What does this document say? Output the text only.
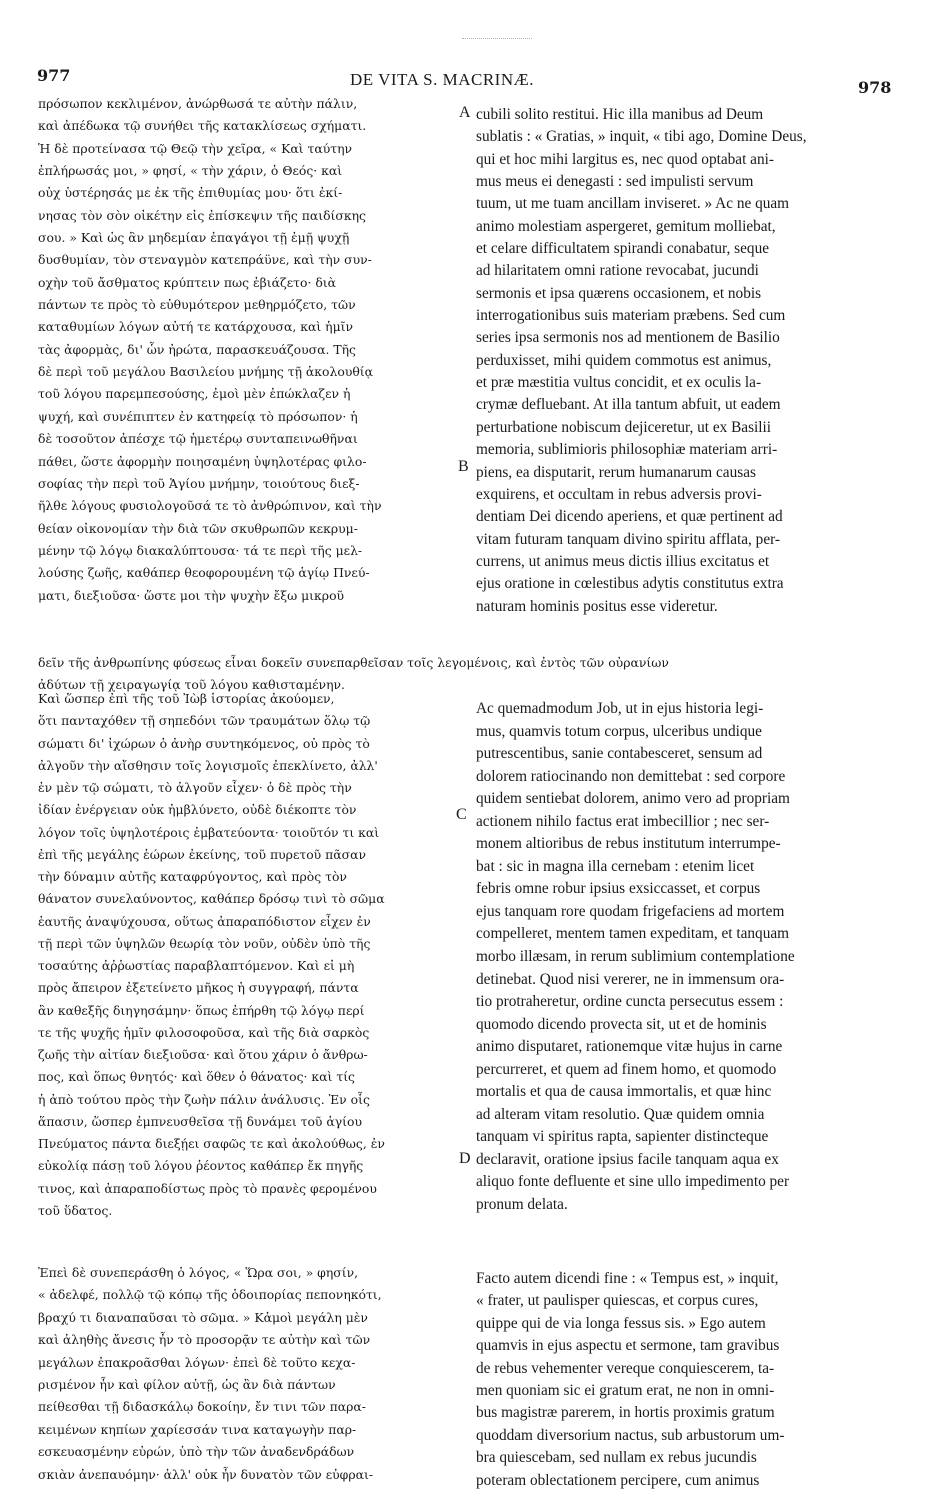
977	DE VITA S. MACRINÆ.	978
A
B
C
D
πρόσωπον κεκλιμένον, ἀνώρθωσά τε αὐτὴν πάλιν,
καὶ ἀπέδωκα τῷ συνήθει τῆς κατακλίσεως σχήματι.
Ἡ δὲ προτείνασα τῷ Θεῷ τὴν χεῖρα, « Καὶ ταύτην
ἐπλήρωσάς μοι, » φησί, « τὴν χάριν, ὁ Θεός· καὶ
οὐχ ὑστέρησάς με ἐκ τῆς ἐπιθυμίας μου· ὅτι ἐκί-
νησας τὸν σὸν οἰκέτην εἰς ἐπίσκεψιν τῆς παιδίσκης
σου. » Καὶ ὡς ἂν μηδεμίαν ἐπαγάγοι τῇ ἐμῇ ψυχῇ
δυσθυμίαν, τὸν στεναγμὸν κατεπράϋνε, καὶ τὴν συν-
οχὴν τοῦ ἄσθματος κρύπτειν πως ἐβιάζετο· διὰ
πάντων τε πρὸς τὸ εὐθυμότερον μεθηρμόζετο, τῶν
καταθυμίων λόγων αὐτή τε κατάρχουσα, καὶ ἡμῖν
τὰς ἀφορμὰς, δι' ὧν ἠρώτα, παρασκευάζουσα. Τῆς
δὲ περὶ τοῦ μεγάλου Βασιλείου μνήμης τῇ ἀκολουθίᾳ
τοῦ λόγου παρεμπεσούσης, ἐμοὶ μὲν ἐπώκλαζεν ἡ
ψυχή, καὶ συνέπιπτεν ἐν κατηφείᾳ τὸ πρόσωπον· ἡ
δὲ τοσοῦτον ἀπέσχε τῷ ἡμετέρῳ συνταπεινωθῆναι
πάθει, ὥστε ἀφορμὴν ποιησαμένη ὑψηλοτέρας φιλο-
σοφίας τὴν περὶ τοῦ Ἁγίου μνήμην, τοιούτους διεξ-
ῆλθε λόγους φυσιολογοῦσά τε τὸ ἀνθρώπινον, καὶ τὴν
θείαν οἰκονομίαν τὴν διὰ τῶν σκυθρωπῶν κεκρυμ-
μένην τῷ λόγῳ διακαλύπτουσα· τά τε περὶ τῆς μελ-
λούσης ζωῆς, καθάπερ θεοφορουμένη τῷ ἁγίῳ Πνεύ-
ματι, διεξιοῦσα· ὥστε μοι τὴν ψυχὴν ἔξω μικροῦ
δεῖν τῆς ἀνθρωπίνης φύσεως εἶναι δοκεῖν συνεπαρθεῖσαν τοῖς λεγομένοις, καὶ ἐντὸς τῶν οὐρανίων
ἀδύτων τῇ χειραγωγίᾳ τοῦ λόγου καθισταμένην.
Καὶ ὥσπερ ἐπὶ τῆς τοῦ Ἰὼβ ἱστορίας ἀκούομεν,
ὅτι πανταχόθεν τῇ σηπεδόνι τῶν τραυμάτων ὅλῳ τῷ
σώματι δι' ἰχώρων ὁ ἀνὴρ συντηκόμενος, οὐ πρὸς τὸ
ἀλγοῦν τὴν αἴσθησιν τοῖς λογισμοῖς ἐπεκλίνετο, ἀλλ'
ἐν μὲν τῷ σώματι, τὸ ἀλγοῦν εἶχεν· ὁ δὲ πρὸς τὴν
ἰδίαν ἐνέργειαν οὐκ ἠμβλύνετο, οὐδὲ διέκοπτε τὸν
λόγον τοῖς ὑψηλοτέροις ἐμβατεύοντα· τοιοῦτόν τι καὶ
ἐπὶ τῆς μεγάλης ἑώρων ἐκείνης, τοῦ πυρετοῦ πᾶσαν
τὴν δύναμιν αὐτῆς καταφρύγοντος, καὶ πρὸς τὸν
θάνατον συνελαύνοντος, καθάπερ δρόσῳ τινὶ τὸ σῶμα
ἑαυτῆς ἀναψύχουσα, οὕτως ἀπαραπόδιστον εἶχεν ἐν
τῇ περὶ τῶν ὑψηλῶν θεωρίᾳ τὸν νοῦν, οὐδὲν ὑπὸ τῆς
τοσαύτης ἀῤῥωστίας παραβλαπτόμενον. Καὶ εἰ μὴ
πρὸς ἄπειρον ἐξετείνετο μῆκος ἡ συγγραφή, πάντα
ἂν καθεξῆς διηγησάμην· ὅπως ἐπήρθη τῷ λόγῳ περί
τε τῆς ψυχῆς ἡμῖν φιλοσοφοῦσα, καὶ τῆς διὰ σαρκὸς
ζωῆς τὴν αἰτίαν διεξιοῦσα· καὶ ὅτου χάριν ὁ ἄνθρω-
πος, καὶ ὅπως θνητός· καὶ ὅθεν ὁ θάνατος· καὶ τίς
ἡ ἀπὸ τούτου πρὸς τὴν ζωὴν πάλιν ἀνάλυσις. Ἐν οἷς
ἅπασιν, ὥσπερ ἐμπνευσθεῖσα τῇ δυνάμει τοῦ ἁγίου
Πνεύματος πάντα διεξῄει σαφῶς τε καὶ ἀκολούθως, ἐν
εὐκολίᾳ πάσῃ τοῦ λόγου ῥέοντος καθάπερ ἔκ πηγῆς
τινος, καὶ ἀπαραποδίστως πρὸς τὸ πρανὲς φερομένου
τοῦ ὕδατος.
Ἐπεὶ δὲ συνεπεράσθη ὁ λόγος, « Ὥρα σοι, » φησίν,
« ἀδελφέ, πολλῷ τῷ κόπῳ τῆς ὁδοιπορίας πεπονηκότι,
βραχύ τι διαναπαῦσαι τὸ σῶμα. » Κἀμοὶ μεγάλη μὲν
καὶ ἀληθὴς ἄνεσις ἦν τὸ προσορᾷν τε αὐτὴν καὶ τῶν
μεγάλων ἐπακροᾶσθαι λόγων· ἐπεὶ δὲ τοῦτο κεχα-
ρισμένον ἦν καὶ φίλον αὐτῇ, ὡς ἂν διὰ πάντων
πείθεσθαι τῇ διδασκάλῳ δοκοίην, ἔν τινι τῶν παρα-
κειμένων κηπίων χαρίεσσάν τινα καταγωγὴν παρ-
εσκευασμένην εὑρών, ὑπὸ τὴν τῶν ἀναδενδράδων
σκιὰν ἀνεπαυόμην· ἀλλ' οὐκ ἦν δυνατὸν τῶν εὐφραι-
cubili solito restitui. Hic illa manibus ad Deum
sublatis : « Gratias, » inquit, « tibi ago, Domine Deus,
qui et hoc mihi largitus es, nec quod optabat ani-
mus meus ei denegasti : sed impulisti servum
tuum, ut me tuam ancillam inviseret. » Ac ne quam
animo molestiam aspergeret, gemitum molliebat,
et celare difficultatem spirandi conabatur, seque
ad hilaritatem omni ratione revocabat, jucundi
sermonis et ipsa quærens occasionem, et nobis
interrogationibus suis materiam præbens. Sed cum
series ipsa sermonis nos ad mentionem de Basilio
perduxisset, mihi quidem commotus est animus,
et præ mæstitia vultus concidit, et ex oculis la-
crymæ defluebant. At illa tantum abfuit, ut eadem
perturbatione nobiscum dejiceretur, ut ex Basilii
memoria, sublimioris philosophiæ materiam arri-
piens, ea disputarit, rerum humanarum causas
exquirens, et occultam in rebus adversis provi-
dentiam Dei dicendo aperiens, et quæ pertinent ad
vitam futuram tanquam divino spiritu afflata, per-
currens, ut animus meus dictis illius excitatus et
ejus oratione in cœlestibus adytis constitutus extra
naturam hominis positus esse videretur.
Ac quemadmodum Job, ut in ejus historia legi-
mus, quamvis totum corpus, ulceribus undique
putrescentibus, sanie contabesceret, sensum ad
dolorem ratiocinando non demittebat : sed corpore
quidem sentiebat dolorem, animo vero ad propriam
actionem nihilo factus erat imbecillior ; nec ser-
monem altioribus de rebus institutum interrumpe-
bat : sic in magna illa cernebam : etenim licet
febris omne robur ipsius exsiccasset, et corpus
ejus tanquam rore quodam frigefaciens ad mortem
compelleret, mentem tamen expeditam, et tanquam
morbo illæsam, in rerum sublimium contemplatione
detinebat. Quod nisi vererer, ne in immensum ora-
tio protraheretur, ordine cuncta persecutus essem :
quomodo dicendo provecta sit, ut et de hominis
animo disputaret, rationemque vitæ hujus in carne
percurreret, et quem ad finem homo, et quomodo
mortalis et qua de causa immortalis, et quæ hinc
ad alteram vitam resolutio. Quæ quidem omnia
tanquam vi spiritus rapta, sapienter distincteque
declaravit, oratione ipsius facile tanquam aqua ex
aliquo fonte defluente et sine ullo impedimento per
pronum delata.
Facto autem dicendi fine : « Tempus est, » inquit,
« frater, ut paulisper quiescas, et corpus cures,
quippe qui de via longa fessus sis. » Ego autem
quamvis in ejus aspectu et sermone, tam gravibus
de rebus vehementer vereque conquiescerem, ta-
men quoniam sic ei gratum erat, ne non in omni-
bus magistræ parerem, in hortis proximis gratum
quoddam diversorium nactus, sub arbustorum um-
bra quiescebam, sed nullam ex rebus jucundis
poteram oblectationem percipere, cum animus
